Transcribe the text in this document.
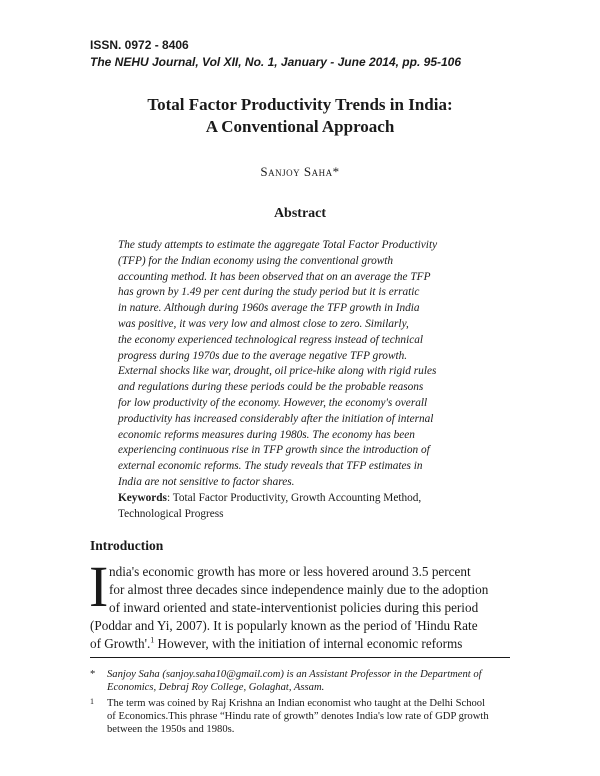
ISSN. 0972 - 8406
The NEHU Journal, Vol XII, No. 1, January - June 2014, pp. 95-106
Total Factor Productivity Trends in India:
A Conventional Approach
Sanjoy Saha*
Abstract
The study attempts to estimate the aggregate Total Factor Productivity
(TFP) for the Indian economy using the conventional growth
accounting method. It has been observed that on an average the TFP
has grown by 1.49 per cent during the study period but it is erratic
in nature. Although during 1960s average the TFP growth in India
was positive, it was very low and almost close to zero. Similarly,
the economy experienced technological regress instead of technical
progress during 1970s due to the average negative TFP growth.
External shocks like war, drought, oil price-hike along with rigid rules
and regulations during these periods could be the probable reasons
for low productivity of the economy. However, the economy's overall
productivity has increased considerably after the initiation of internal
economic reforms measures during 1980s. The economy has been
experiencing continuous rise in TFP growth since the introduction of
external economic reforms. The study reveals that TFP estimates in
India are not sensitive to factor shares.
Keywords: Total Factor Productivity, Growth Accounting Method,
Technological Progress
Introduction
I ndia's economic growth has more or less hovered around 3.5 percent
for almost three decades since independence mainly due to the adoption
of inward oriented and state-interventionist policies during this period
(Poddar and Yi, 2007). It is popularly known as the period of 'Hindu Rate
of Growth'.$^1$ However, with the initiation of internal economic reforms
* Sanjoy Saha (sanjoy.saha10@gmail.com) is an Assistant Professor in the Department of
Economics, Debraj Roy College, Golaghat, Assam.
1 The term was coined by Raj Krishna an Indian economist who taught at the Delhi School
of Economics.This phrase “Hindu rate of growth” denotes India's low rate of GDP growth
between the 1950s and 1980s.
